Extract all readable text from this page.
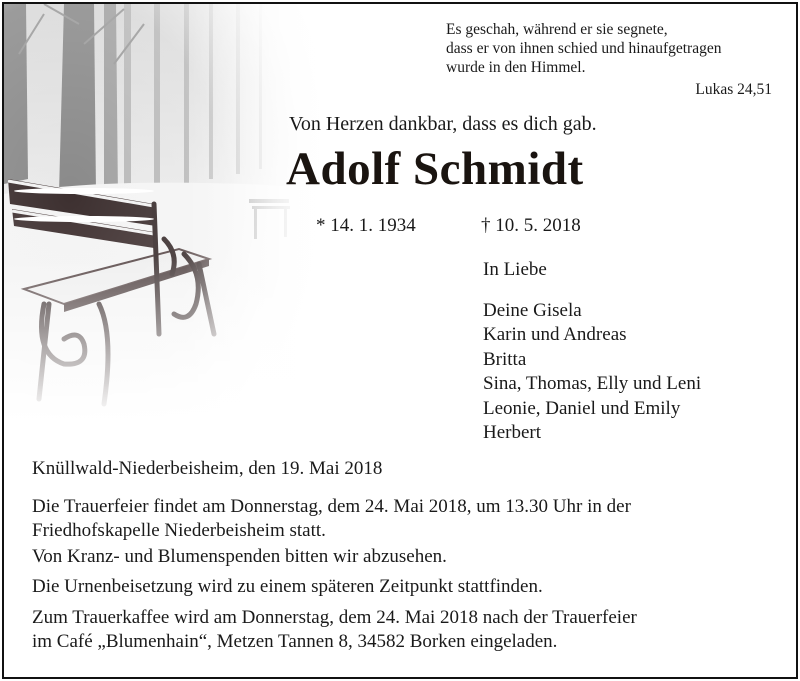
Es geschah, während er sie segnete,
dass er von ihnen schied und hinaufgetragen
wurde in den Himmel.
Lukas 24,51
Von Herzen dankbar, dass es dich gab.
Adolf Schmidt
* 14. 1. 1934	† 10. 5. 2018
In Liebe
Deine Gisela
Karin und Andreas
Britta
Sina, Thomas, Elly und Leni
Leonie, Daniel und Emily
Herbert
Knüllwald-Niederbeisheim, den 19. Mai 2018
Die Trauerfeier findet am Donnerstag, dem 24. Mai 2018, um 13.30 Uhr in der
Friedhofskapelle Niederbeisheim statt.
Von Kranz- und Blumenspenden bitten wir abzusehen.
Die Urnenbeisetzung wird zu einem späteren Zeitpunkt stattfinden.
Zum Trauerkaffee wird am Donnerstag, dem 24. Mai 2018 nach der Trauerfeier
im Café „Blumenhain“, Metzen Tannen 8, 34582 Borken eingeladen.
